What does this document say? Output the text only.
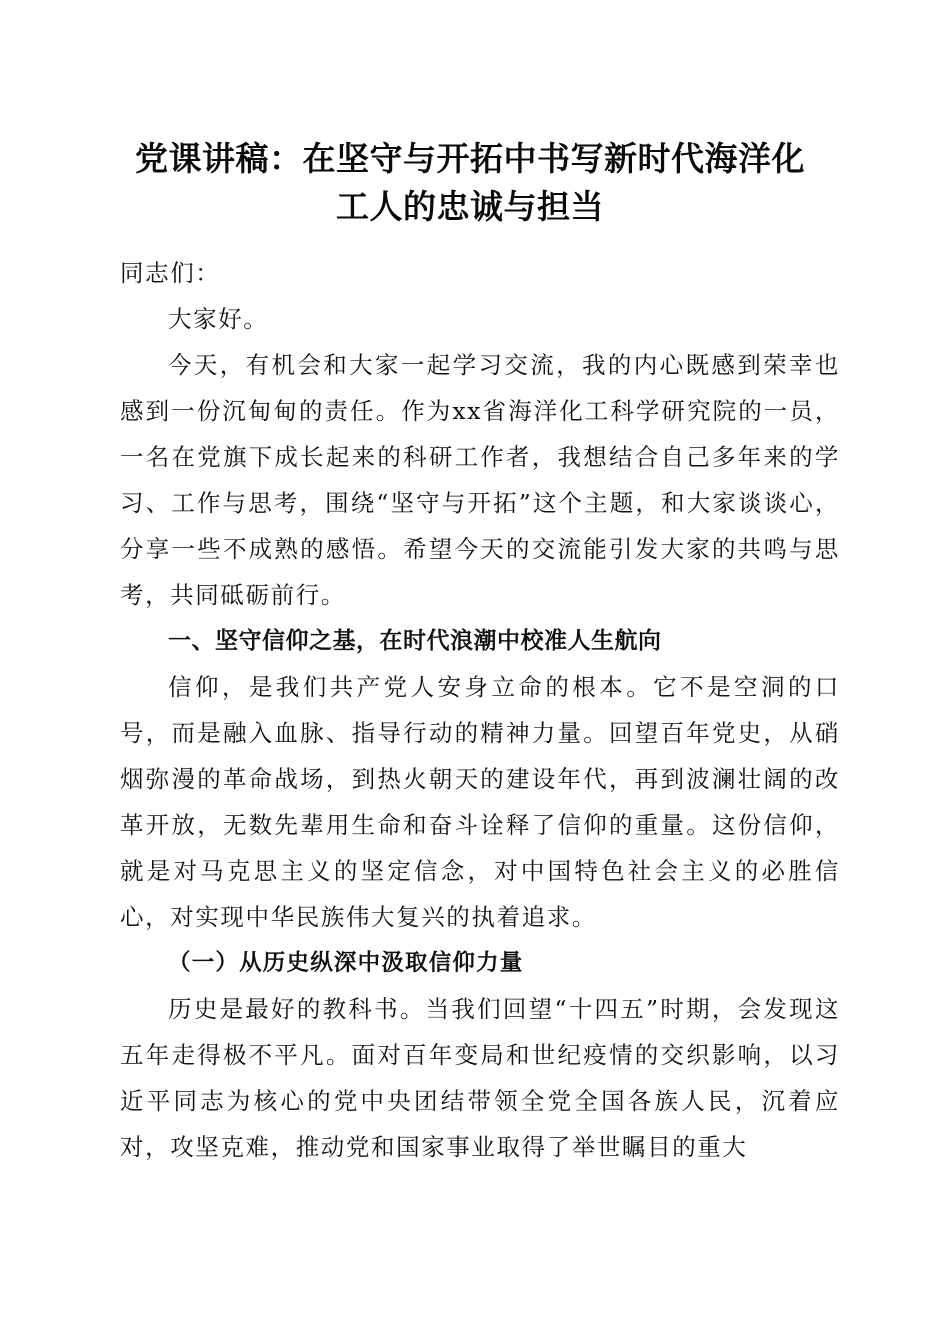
党课讲稿：在坚守与开拓中书写新时代海洋化
工人的忠诚与担当

同志们：

大家好。

今天，有机会和大家一起学习交流，我的内心既感到荣幸也感到一份沉甸甸的责任。作为xx省海洋化工科学研究院的一员，一名在党旗下成长起来的科研工作者，我想结合自己多年来的学习、工作与思考，围绕“坚守与开拓”这个主题，和大家谈谈心，分享一些不成熟的感悟。希望今天的交流能引发大家的共鸣与思考，共同砥砺前行。

一、坚守信仰之基，在时代浪潮中校准人生航向

信仰，是我们共产党人安身立命的根本。它不是空洞的口号，而是融入血脉、指导行动的精神力量。回望百年党史，从硝烟弥漫的革命战场，到热火朝天的建设年代，再到波澜壮阔的改革开放，无数先辈用生命和奋斗诠释了信仰的重量。这份信仰，就是对马克思主义的坚定信念，对中国特色社会主义的必胜信心，对实现中华民族伟大复兴的执着追求。

（一）从历史纵深中汲取信仰力量

历史是最好的教科书。当我们回望“十四五”时期，会发现这五年走得极不平凡。面对百年变局和世纪疫情的交织影响，以习近平同志为核心的党中央团结带领全党全国各族人民，沉着应对，攻坚克难，推动党和国家事业取得了举世瞩目的重大
